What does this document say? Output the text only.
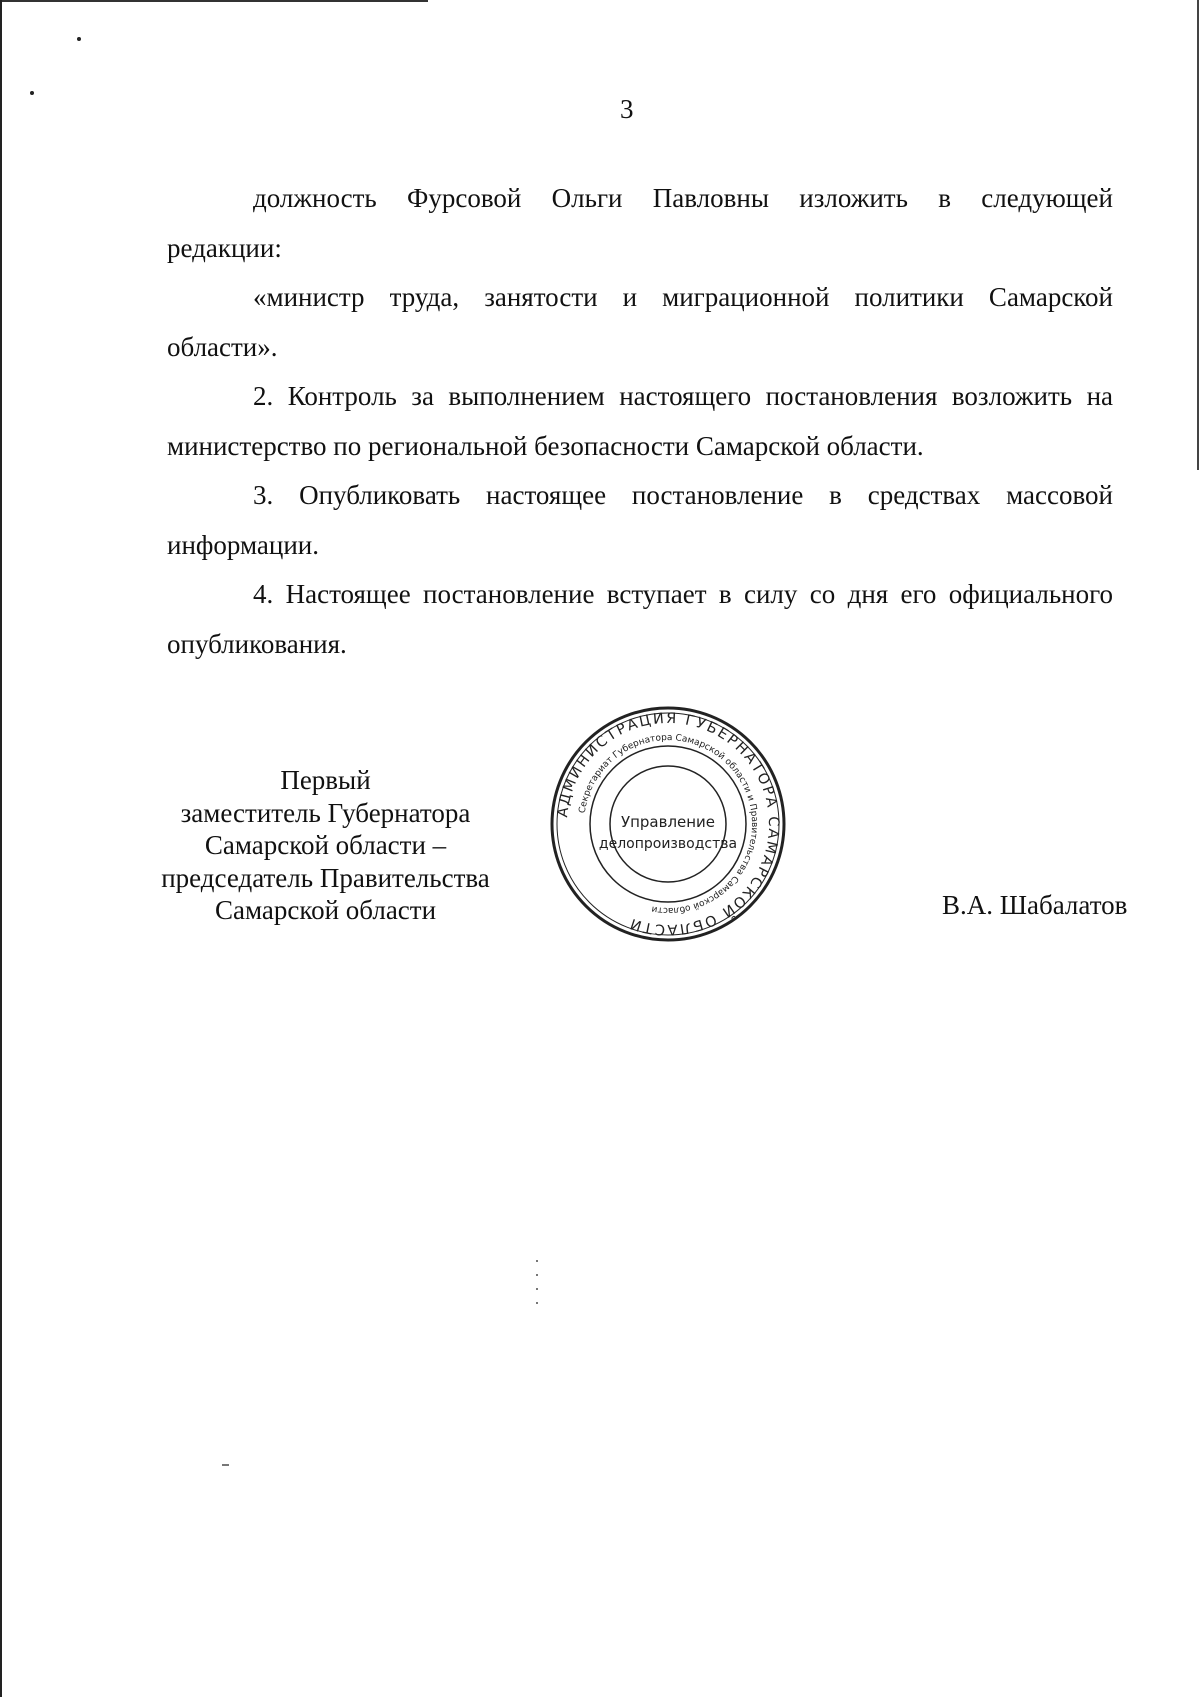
3

должность Фурсовой Ольги Павловны изложить в следующей

редакции:

«министр труда, занятости и миграционной политики Самарской

области».

2. Контроль за выполнением настоящего постановления возложить на министерство по региональной безопасности Самарской области.

3. Опубликовать настоящее постановление в средствах массовой информации.

4. Настоящее постановление вступает в силу со дня его официального опубликования.

Первый
заместитель Губернатора
Самарской области –
председатель Правительства
Самарской области
АДМИНИСТРАЦИЯ ГУБЕРНАТОРА САМАРСКОЙ ОБЛАСТИ
Секретариат Губернатора Самарской области и Правительства Самарской области
Управление
делопроизводства
В.А. Шабалатов
